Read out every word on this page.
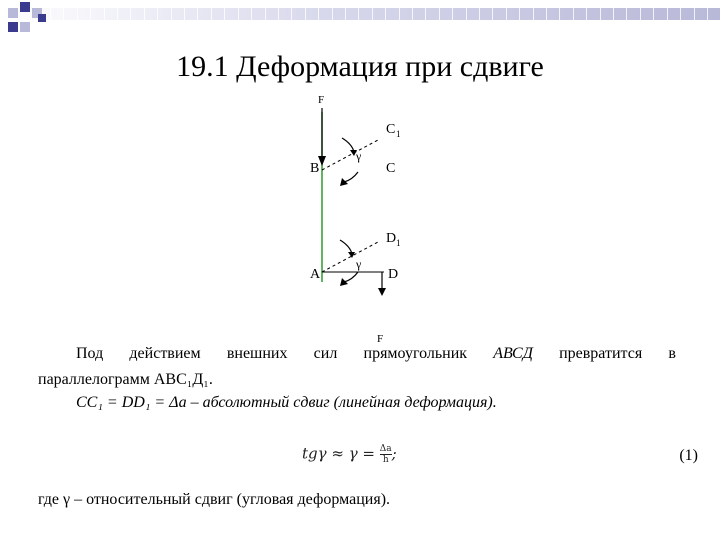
19.1 Деформация при сдвиге
F
B	C
C 1
A	D
D 1
γ
γ
F
Под действием внешних сил прямоугольник АВСД превратится в
параллелограмм АВС₁Д₁.
СС₁ = DD₁ = Δa – абсолютный сдвиг (линейная деформация).
$tg\gamma \approx \gamma = \frac{\Delta a}{h}$ ;	(1)
где γ – относительный сдвиг (угловая деформация).
